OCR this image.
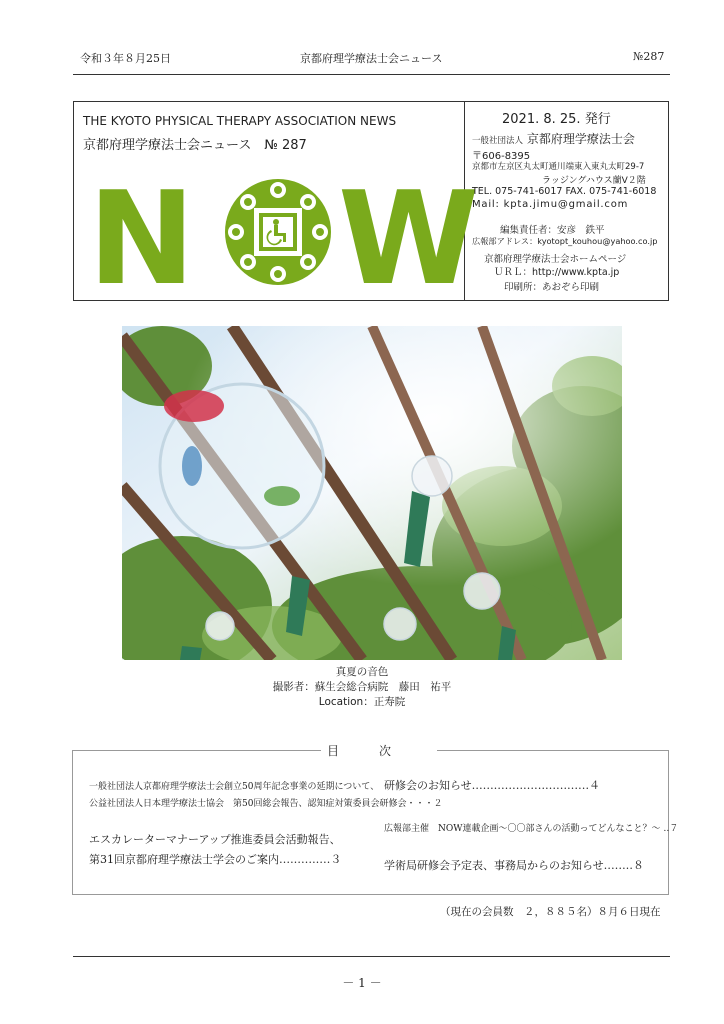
令和３年８月25日	京都府理学療法士会ニュース	№287
THE KYOTO PHYSICAL THERAPY ASSOCIATION NEWS
京都府理学療法士会ニュース　№ 287
N W
2021. 8. 25. 発行
一般社団法人 京都府理学療法士会
〒606-8395
京都市左京区丸太町通川端東入東丸太町29-7
ラッジングハウス蘭V２階
TEL. 075-741-6017 FAX. 075-741-6018
Mail: kpta.jimu@gmail.com
編集責任者：安彦　鉄平
広報部アドレス：kyotopt_kouhou@yahoo.co.jp
京都府理学療法士会ホームページ
ＵＲＬ：http://www.kpta.jp
印刷所：あおぞら印刷
真夏の音色
撮影者：蘇生会総合病院　藤田　祐平
Location：正寿院
目次
一般社団法人京都府理学療法士会創立50周年記念事業の延期について、
公益社団法人日本理学療法士協会　第50回総会報告、認知症対策委員会研修会・・・２
エスカレーターマナーアップ推進委員会活動報告、
第31回京都府理学療法士学会のご案内‥‥‥‥‥‥‥３
研修会のお知らせ‥‥‥‥‥‥‥‥‥‥‥‥‥‥‥‥４
広報部主催　NOW連載企画～〇〇部さんの活動ってどんなこと？～ ‥７
学術局研修会予定表、事務局からのお知らせ‥‥‥‥８
（現在の会員数　２，８８５名）８月６日現在
－ 1 －
